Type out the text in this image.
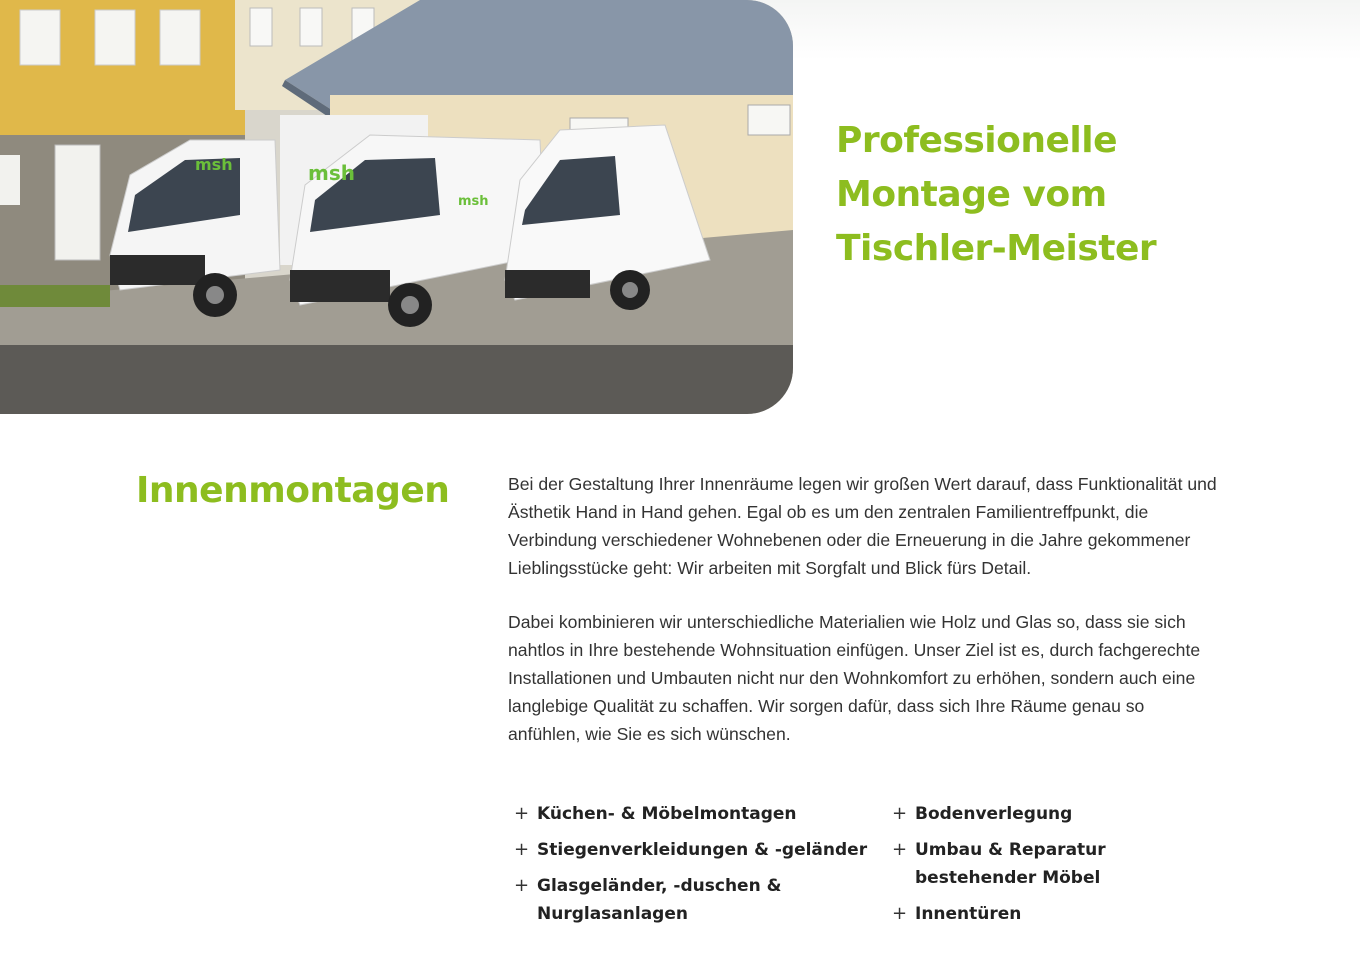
msh	msh
msh
Professionelle
Montage vom
Tischler-Meister
Innenmontagen	Bei der Gestaltung Ihrer Innenräume legen wir großen Wert darauf, dass Funktionalität und Ästhetik Hand in Hand gehen. Egal ob es um den zentralen Familientreffpunkt, die Verbindung verschiedener Wohnebenen oder die Erneuerung in die Jahre gekommener Lieblingsstücke geht: Wir arbeiten mit Sorgfalt und Blick fürs Detail.

Dabei kombinieren wir unterschiedliche Materialien wie Holz und Glas so, dass sie sich nahtlos in Ihre bestehende Wohnsituation einfügen. Unser Ziel ist es, durch fachgerechte Installationen und Umbauten nicht nur den Wohnkomfort zu erhöhen, sondern auch eine langlebige Qualität zu schaffen. Wir sorgen dafür, dass sich Ihre Räume genau so anfühlen, wie Sie es sich wünschen.

+ Küchen- & Möbelmontagen
+ Stiegenverkleidungen & -geländer
+ Glasgeländer, -duschen & Nurglasanlagen
+ Bodenverlegung
+ Umbau & Reparatur bestehender Möbel
+ Innentüren
